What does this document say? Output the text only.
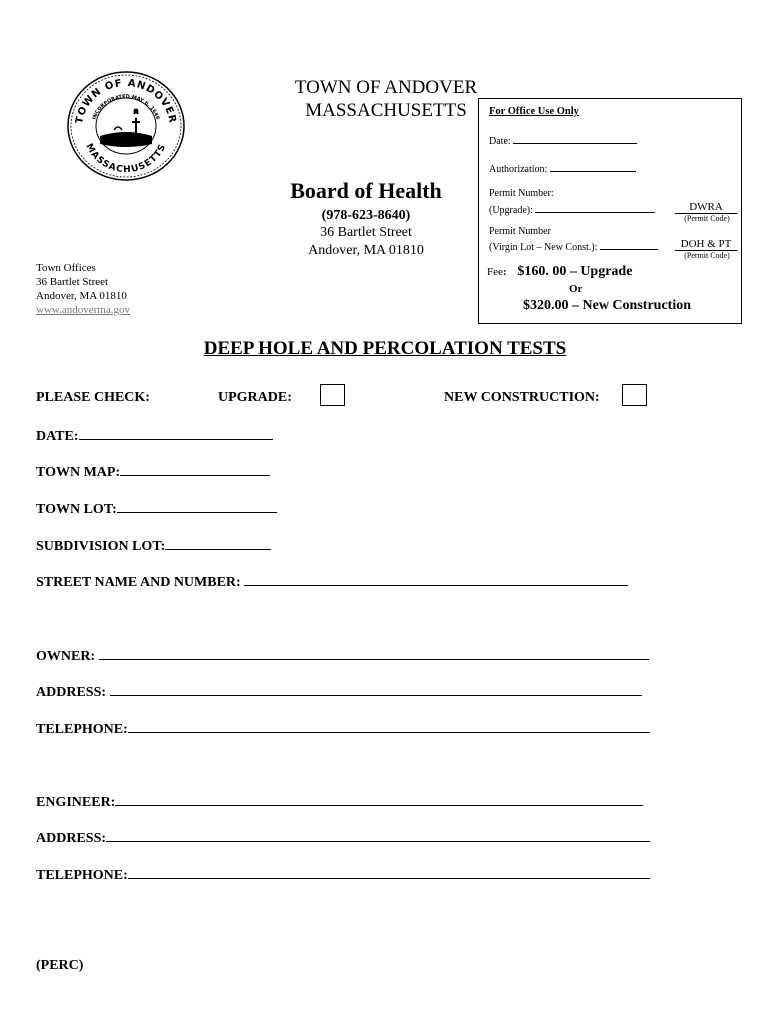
TOWN OF ANDOVER
INCORPORATED MAY 6, 1646
MASSACHUSETTS
TOWN OF ANDOVER
MASSACHUSETTS
Board of Health
(978-623-8640)
36 Bartlet Street
Andover, MA 01810
Town Offices
36 Bartlet Street
Andover, MA 01810
www.andoverma.gov
For Office Use Only
Date:
Authorization:
Permit Number:
(Upgrade):	DWRA
(Permit Code)
Permit Number
(Virgin Lot – New Const.):	DOH & PT
(Permit Code)
Fee: $160. 00 – Upgrade
Or
$320.00 – New Construction
DEEP HOLE AND PERCOLATION TESTS
PLEASE CHECK:	UPGRADE:	NEW CONSTRUCTION:
DATE:
TOWN MAP:
TOWN LOT:
SUBDIVISION LOT:
STREET NAME AND NUMBER:
OWNER:
ADDRESS:
TELEPHONE:
ENGINEER:
ADDRESS:
TELEPHONE:
(PERC)
